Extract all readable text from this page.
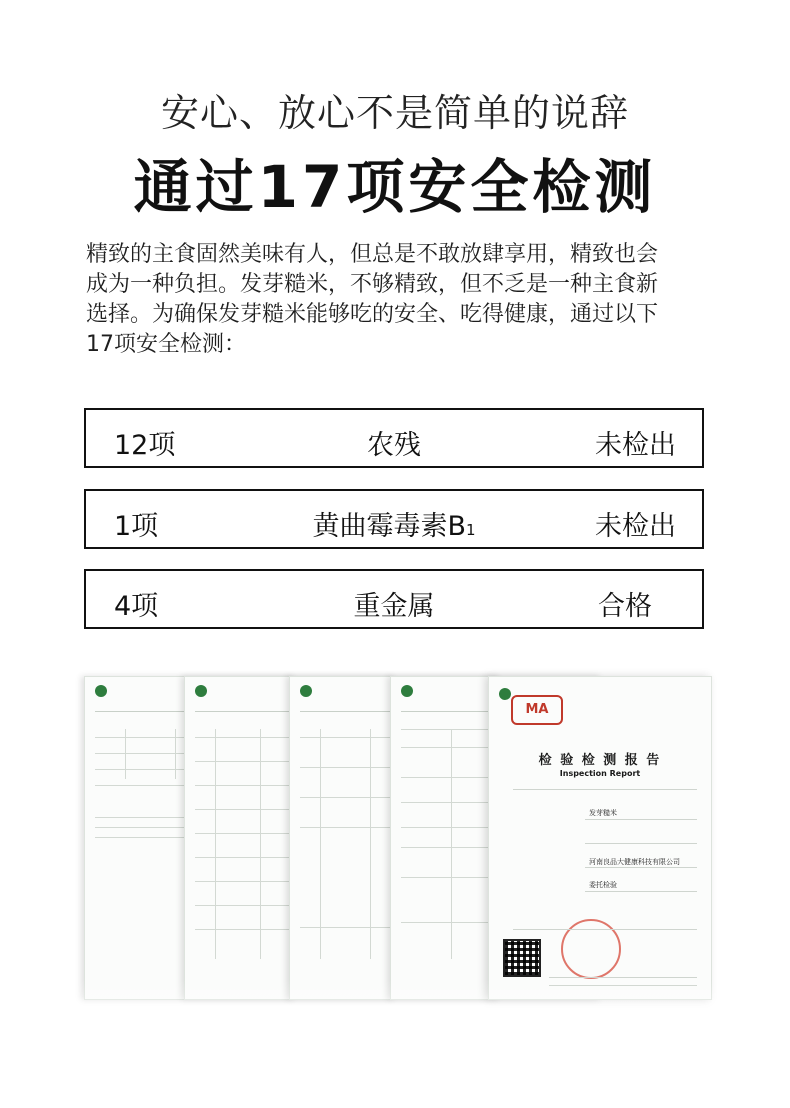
安心、放心不是简单的说辞
通过17项安全检测
精致的主食固然美味有人，但总是不敢放肆享用，精致也会
成为一种负担。发芽糙米，不够精致，但不乏是一种主食新
选择。为确保发芽糙米能够吃的安全、吃得健康，通过以下
17项安全检测：
12项	农残	未检出
1项	黄曲霉毒素B1	未检出
4项	重金属	合格
MA
检 验 检 测 报 告
Inspection Report
发芽糙米
河南良品大健康科技有限公司
委托检验
